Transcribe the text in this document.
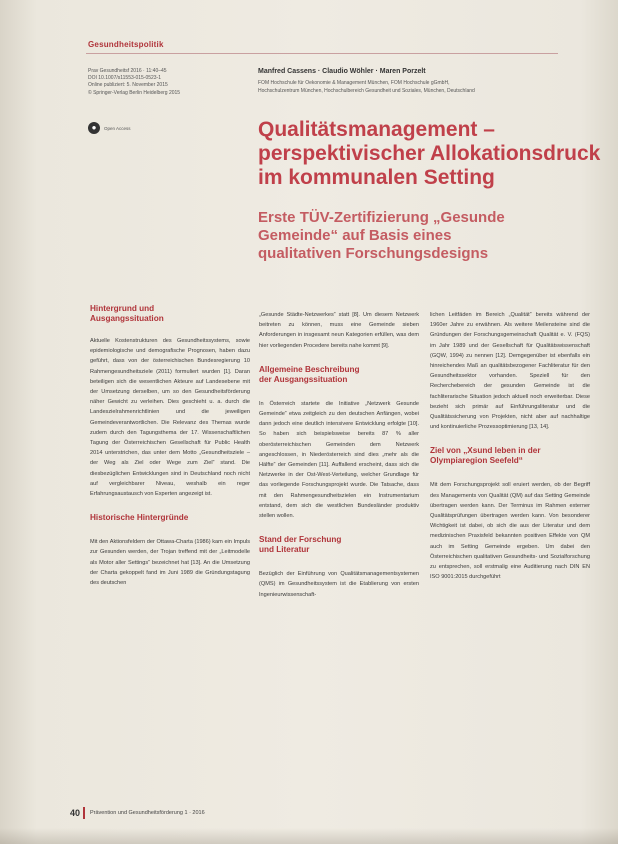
Gesundheitspolitik
Prav Gesundheitsf 2016 · 11:40–45
DOI 10.1007/s11553-015-0523-1
Online publiziert: 5. November 2015
© Springer-Verlag Berlin Heidelberg 2015
●	Open Access
Manfred Cassens · Claudio Wöhler · Maren Porzelt
FOM Hochschule für Oekonomie & Management München, FOM Hochschule gGmbH,
Hochschulzentrum München, Hochschulbereich Gesundheit und Soziales, München, Deutschland
Qualitätsmanagement –
perspektivischer Allokationsdruck
im kommunalen Setting
Erste TÜV-Zertifizierung „Gesunde
Gemeinde“ auf Basis eines
qualitativen Forschungsdesigns
Hintergrund und
Ausgangssituation

Aktuelle Kostenstrukturen des Gesundheitssystems, sowie epidemiologische und demografische Prognosen, haben dazu geführt, dass von der österreichischen Bundesregierung 10 Rahmengesundheitsziele (2011) formuliert wurden [1]. Daran beteiligen sich die wesentlichen Akteure auf Landesebene mit der Umsetzung derselben, um so den Gesundheitsförderung näher Gewicht zu verleihen. Dies geschieht u. a. durch die Landeszielrahmenrichtlinien und die jeweiligen Gemeindeverantwortlichen. Die Relevanz des Themas wurde zudem durch den Tagungsthema der 17. Wissenschaftlichen Tagung der Österreichischen Gesellschaft für Public Health 2014 unterstrichen, das unter dem Motto „Gesundheitsziele – der Weg als Ziel oder Wege zum Ziel“ stand. Die diesbezüglichen Entwicklungen sind in Deutschland noch nicht auf vergleichbarer Niveau, weshalb ein reger Erfahrungsaustausch von Experten angezeigt ist.

Historische Hintergründe

Mit den Aktionsfeldern der Ottawa-Charta (1986) kam ein Impuls zur Gesunden werden, der Trojan treffend mit der „Leitmodelle als Motor aller Settings“ bezeichnet hat [13]. An die Umsetzung der Charta gekoppelt fand im Juni 1989 die Gründungstagung des deutschen

„Gesunde Städte-Netzwerkes“ statt [8]. Um diesem Netzwerk beitreten zu können, muss eine Gemeinde sieben Anforderungen in insgesamt neun Kategorien erfüllen, was dem hier vorliegenden Procedere bereits nahe kommt [9].

Allgemeine Beschreibung
der Ausgangssituation

In Österreich startete die Initiative „Netzwerk Gesunde Gemeinde“ etwa zeitgleich zu den deutschen Anfängen, wobei dann jedoch eine deutlich intensivere Entwicklung erfolgte [10]. So haben sich beispielsweise bereits 87 % aller oberösterreichischen Gemeinden dem Netzwerk angeschlossen, in Niederösterreich sind dies „mehr als die Hälfte“ der Gemeinden [11]. Auffallend erscheint, dass sich die Netzwerke in der Ost-West-Verteilung, welcher Grundlage für das vorliegende Forschungsprojekt wurde. Die Tatsache, dass mit den Rahmengesundheitszielen ein Instrumentarium entstand, dem sich die westlichen Bundesländer produktiv stellen wollen.

Stand der Forschung
und Literatur

Bezüglich der Einführung von Qualitätsmanagementsystemen (QMS) im Gesundheitssystem ist die Etablierung von ersten Ingenieurwissenschaft-

lichen Leitfäden im Bereich „Qualität“ bereits während der 1960er Jahre zu erwähnen. Als weitere Meilensteine sind die Gründungen der Forschungsgemeinschaft Qualität e. V. (FQS) im Jahr 1989 und der Gesellschaft für Qualitätswissenschaft (GQW, 1994) zu nennen [12]. Demgegenüber ist ebenfalls ein hinreichendes Maß an qualitätsbezogener Fachliteratur für den Gesundheitssektor vorhanden. Speziell für den Recherchebereich der gesunden Gemeinde ist die fachliterarische Situation jedoch aktuell noch erweiterbar. Diese bezieht sich primär auf Einführungsliteratur und die Qualitätssicherung von Projekten, nicht aber auf nachhaltige und kontinuierliche Prozessoptimierung [13, 14].

Ziel von „Xsund leben in der
Olympiaregion Seefeld“

Mit dem Forschungsprojekt soll eruiert werden, ob der Begriff des Managements von Qualität (QM) auf das Setting Gemeinde übertragen werden kann. Der Terminus im Rahmen externer Qualitätsprüfungen übertragen werden kann. Von besonderer Wichtigkeit ist dabei, ob sich die aus der Literatur und dem medizinischen Praxisfeld bekannten positiven Effekte von QM auch im Setting Gemeinde ergeben. Um dabei den Österreichischen qualitativen Gesundheits- und Sozialforschung zu entsprechen, soll erstmalig eine Auditierung nach DIN EN ISO 9001:2015 durchgeführt

40 Prävention und Gesundheitsförderung 1 · 2016
